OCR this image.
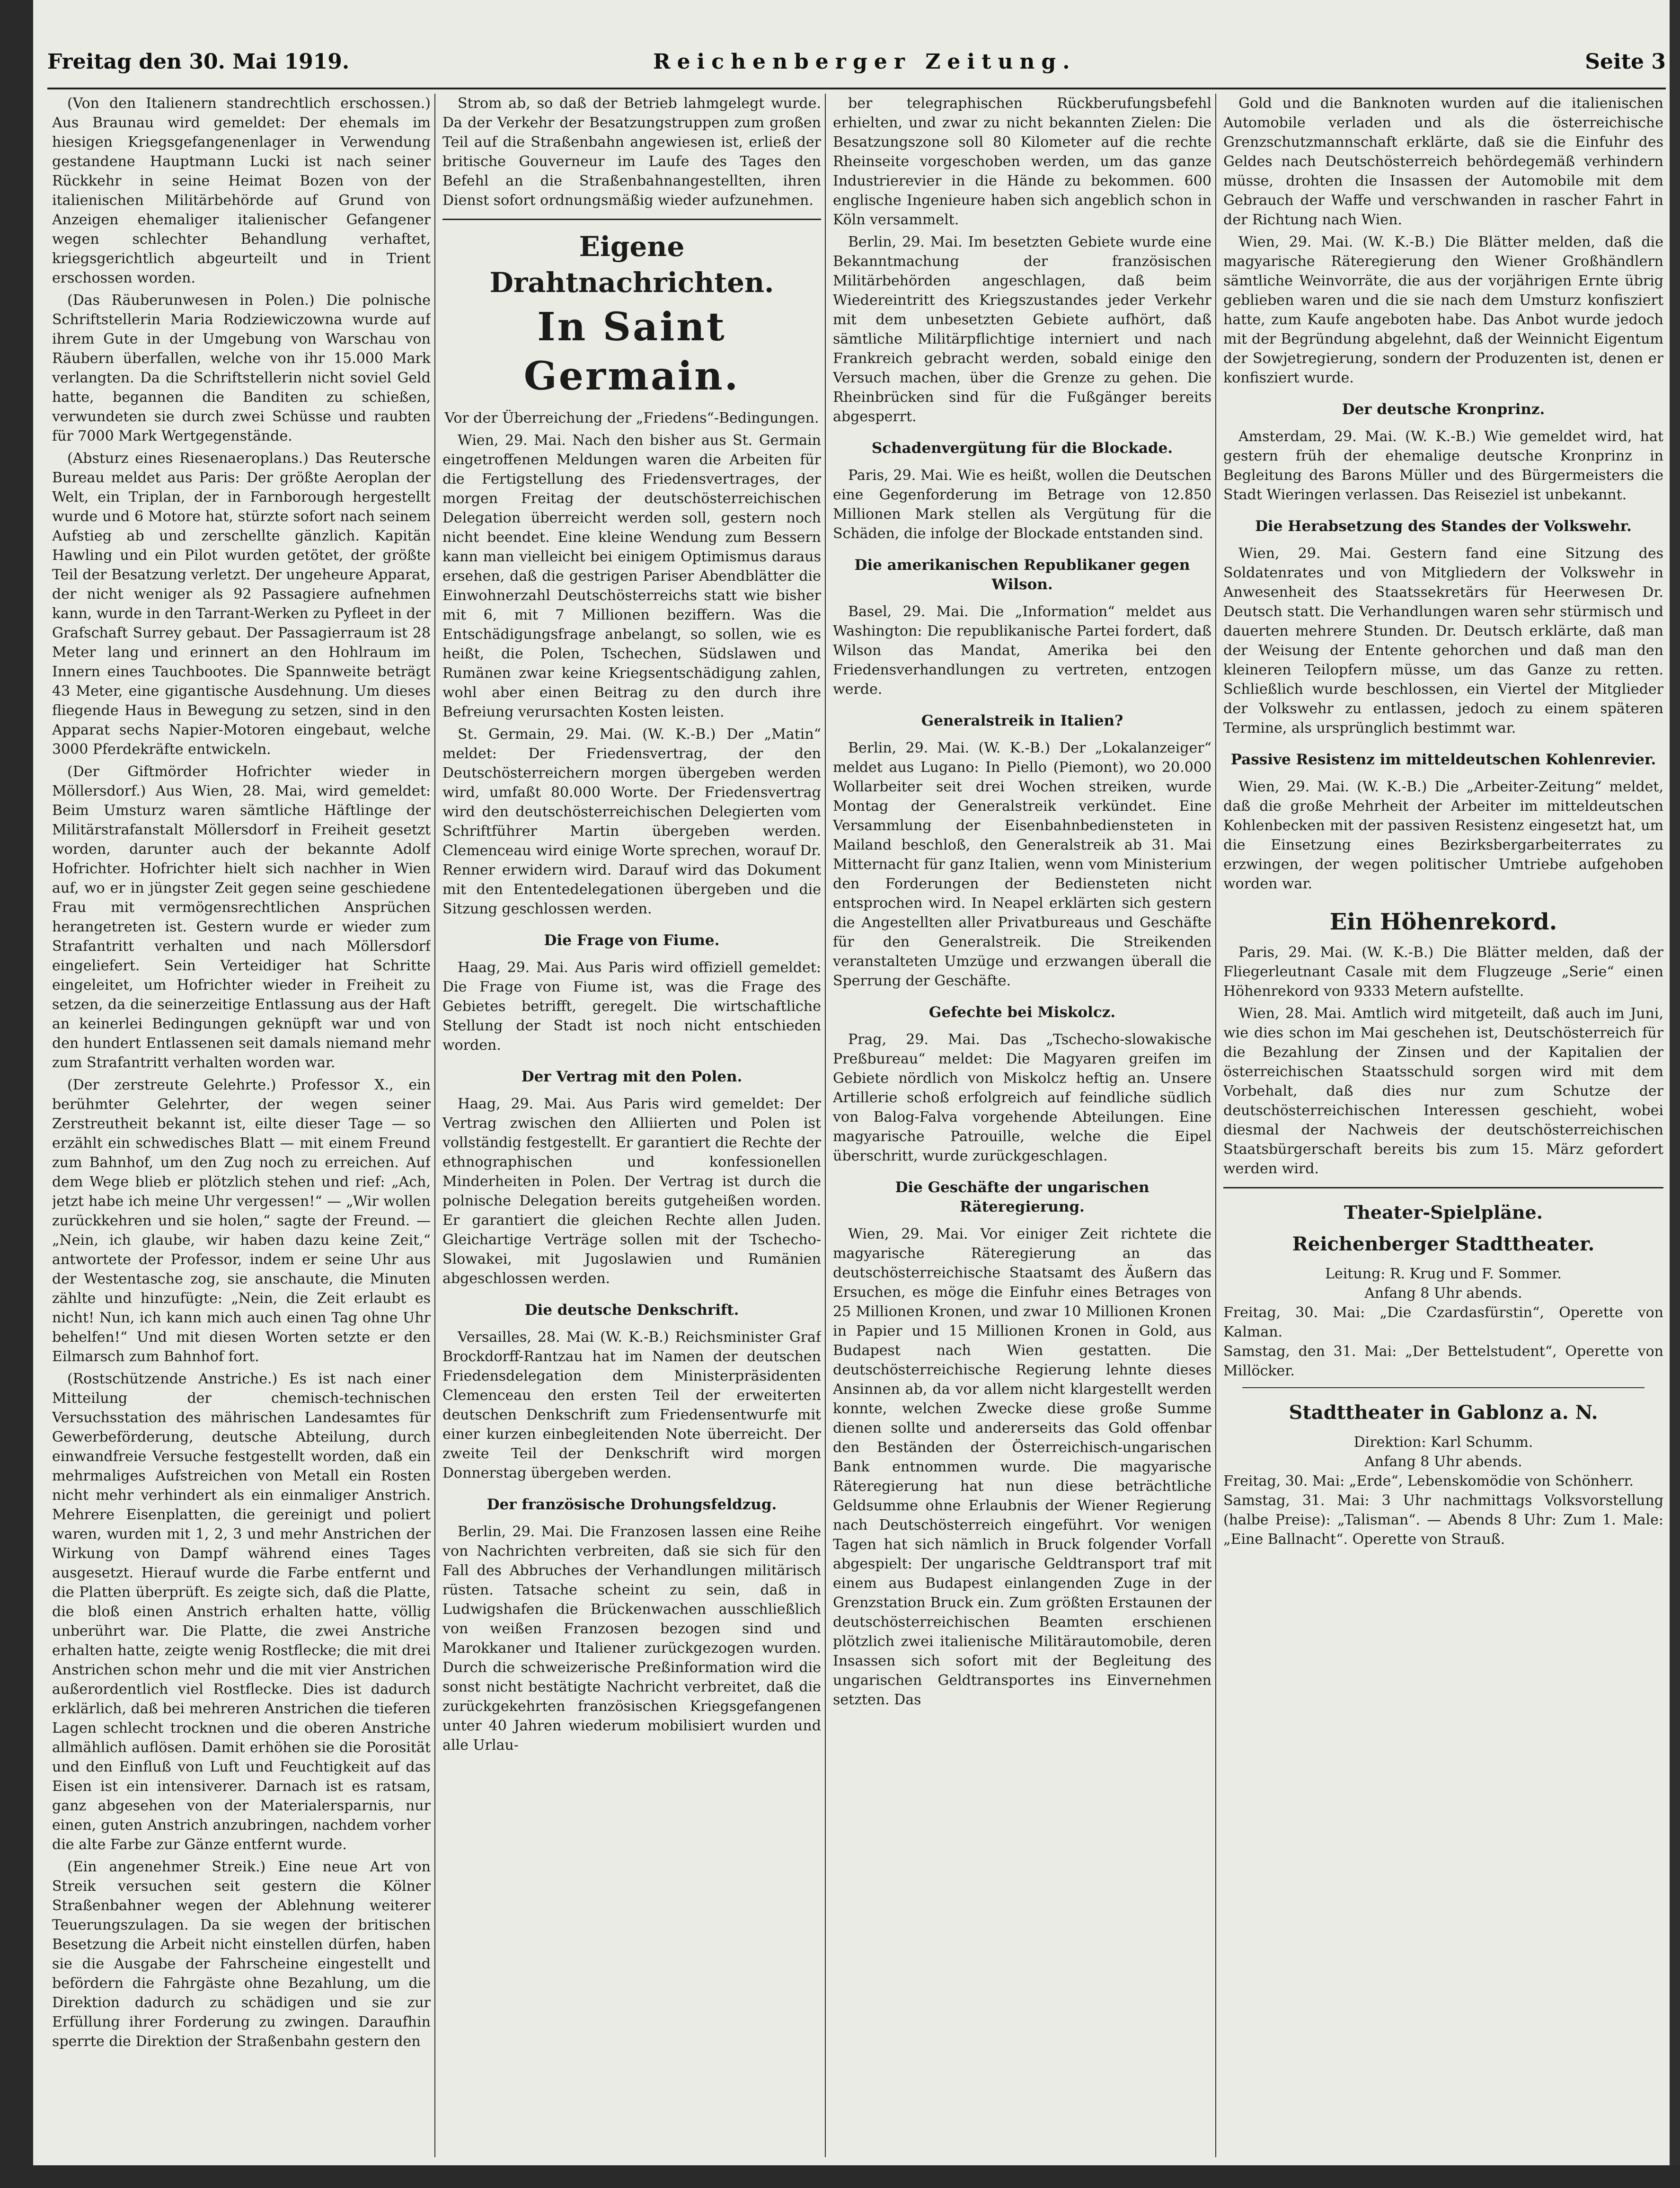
Freitag den 30. Mai 1919.	Reichenberger Zeitung.	Seite 3

(Von den Italienern standrechtlich erschossen.) Aus Braunau wird gemeldet: Der ehemals im hiesigen Kriegsgefangenenlager in Verwendung gestandene Hauptmann Lucki ist nach seiner Rückkehr in seine Heimat Bozen von der italienischen Militärbehörde auf Grund von Anzeigen ehemaliger italienischer Gefangener wegen schlechter Behandlung verhaftet, kriegsgerichtlich abgeurteilt und in Trient erschossen worden.

(Das Räuberunwesen in Polen.) Die polnische Schriftstellerin Maria Rodziewiczowna wurde auf ihrem Gute in der Umgebung von Warschau von Räubern überfallen, welche von ihr 15.000 Mark verlangten. Da die Schriftstellerin nicht soviel Geld hatte, begannen die Banditen zu schießen, verwundeten sie durch zwei Schüsse und raubten für 7000 Mark Wertgegenstände.

(Absturz eines Riesenaeroplans.) Das Reutersche Bureau meldet aus Paris: Der größte Aeroplan der Welt, ein Triplan, der in Farnborough hergestellt wurde und 6 Motore hat, stürzte sofort nach seinem Aufstieg ab und zerschellte gänzlich. Kapitän Hawling und ein Pilot wurden getötet, der größte Teil der Besatzung verletzt. Der ungeheure Apparat, der nicht weniger als 92 Passagiere aufnehmen kann, wurde in den Tarrant-Werken zu Pyfleet in der Grafschaft Surrey gebaut. Der Passagierraum ist 28 Meter lang und erinnert an den Hohlraum im Innern eines Tauchbootes. Die Spannweite beträgt 43 Meter, eine gigantische Ausdehnung. Um dieses fliegende Haus in Bewegung zu setzen, sind in den Apparat sechs Napier-Motoren eingebaut, welche 3000 Pferdekräfte entwickeln.

(Der Giftmörder Hofrichter wieder in Möllersdorf.) Aus Wien, 28. Mai, wird gemeldet: Beim Umsturz waren sämtliche Häftlinge der Militärstrafanstalt Möllersdorf in Freiheit gesetzt worden, darunter auch der bekannte Adolf Hofrichter. Hofrichter hielt sich nachher in Wien auf, wo er in jüngster Zeit gegen seine geschiedene Frau mit vermögensrechtlichen Ansprüchen herangetreten ist. Gestern wurde er wieder zum Strafantritt verhalten und nach Möllersdorf eingeliefert. Sein Verteidiger hat Schritte eingeleitet, um Hofrichter wieder in Freiheit zu setzen, da die seinerzeitige Entlassung aus der Haft an keinerlei Bedingungen geknüpft war und von den hundert Entlassenen seit damals niemand mehr zum Strafantritt verhalten worden war.

(Der zerstreute Gelehrte.) Professor X., ein berühmter Gelehrter, der wegen seiner Zerstreutheit bekannt ist, eilte dieser Tage — so erzählt ein schwedisches Blatt — mit einem Freund zum Bahnhof, um den Zug noch zu erreichen. Auf dem Wege blieb er plötzlich stehen und rief: „Ach, jetzt habe ich meine Uhr vergessen!“ — „Wir wollen zurückkehren und sie holen,“ sagte der Freund. — „Nein, ich glaube, wir haben dazu keine Zeit,“ antwortete der Professor, indem er seine Uhr aus der Westentasche zog, sie anschaute, die Minuten zählte und hinzufügte: „Nein, die Zeit erlaubt es nicht! Nun, ich kann mich auch einen Tag ohne Uhr behelfen!“ Und mit diesen Worten setzte er den Eilmarsch zum Bahnhof fort.

(Rostschützende Anstriche.) Es ist nach einer Mitteilung der chemisch-technischen Versuchsstation des mährischen Landesamtes für Gewerbeförderung, deutsche Abteilung, durch einwandfreie Versuche festgestellt worden, daß ein mehrmaliges Aufstreichen von Metall ein Rosten nicht mehr verhindert als ein einmaliger Anstrich. Mehrere Eisenplatten, die gereinigt und poliert waren, wurden mit 1, 2, 3 und mehr Anstrichen der Wirkung von Dampf während eines Tages ausgesetzt. Hierauf wurde die Farbe entfernt und die Platten überprüft. Es zeigte sich, daß die Platte, die bloß einen Anstrich erhalten hatte, völlig unberührt war. Die Platte, die zwei Anstriche erhalten hatte, zeigte wenig Rostflecke; die mit drei Anstrichen schon mehr und die mit vier Anstrichen außerordentlich viel Rostflecke. Dies ist dadurch erklärlich, daß bei mehreren Anstrichen die tieferen Lagen schlecht trocknen und die oberen Anstriche allmählich auflösen. Damit erhöhen sie die Porosität und den Einfluß von Luft und Feuchtigkeit auf das Eisen ist ein intensiverer. Darnach ist es ratsam, ganz abgesehen von der Materialersparnis, nur einen, guten Anstrich anzubringen, nachdem vorher die alte Farbe zur Gänze entfernt wurde.

(Ein angenehmer Streik.) Eine neue Art von Streik versuchen seit gestern die Kölner Straßenbahner wegen der Ablehnung weiterer Teuerungszulagen. Da sie wegen der britischen Besetzung die Arbeit nicht einstellen dürfen, haben sie die Ausgabe der Fahrscheine eingestellt und befördern die Fahrgäste ohne Bezahlung, um die Direktion dadurch zu schädigen und sie zur Erfüllung ihrer Forderung zu zwingen. Daraufhin sperrte die Direktion der Straßenbahn gestern den

Strom ab, so daß der Betrieb lahmgelegt wurde. Da der Verkehr der Besatzungstruppen zum großen Teil auf die Straßenbahn angewiesen ist, erließ der britische Gouverneur im Laufe des Tages den Befehl an die Straßenbahnangestellten, ihren Dienst sofort ordnungsmäßig wieder aufzunehmen.

Eigene Drahtnachrichten.
In Saint Germain.

Vor der Überreichung der „Friedens“-Bedingungen.

Wien, 29. Mai. Nach den bisher aus St. Germain eingetroffenen Meldungen waren die Arbeiten für die Fertigstellung des Friedensvertrages, der morgen Freitag der deutschösterreichischen Delegation überreicht werden soll, gestern noch nicht beendet. Eine kleine Wendung zum Bessern kann man vielleicht bei einigem Optimismus daraus ersehen, daß die gestrigen Pariser Abendblätter die Einwohnerzahl Deutschösterreichs statt wie bisher mit 6, mit 7 Millionen beziffern. Was die Entschädigungsfrage anbelangt, so sollen, wie es heißt, die Polen, Tschechen, Südslawen und Rumänen zwar keine Kriegsentschädigung zahlen, wohl aber einen Beitrag zu den durch ihre Befreiung verursachten Kosten leisten.

St. Germain, 29. Mai. (W. K.-B.) Der „Matin“ meldet: Der Friedensvertrag, der den Deutschösterreichern morgen übergeben werden wird, umfaßt 80.000 Worte. Der Friedensvertrag wird den deutschösterreichischen Delegierten vom Schriftführer Martin übergeben werden. Clemenceau wird einige Worte sprechen, worauf Dr. Renner erwidern wird. Darauf wird das Dokument mit den Ententedelegationen übergeben und die Sitzung geschlossen werden.

Die Frage von Fiume.

Haag, 29. Mai. Aus Paris wird offiziell gemeldet: Die Frage von Fiume ist, was die Frage des Gebietes betrifft, geregelt. Die wirtschaftliche Stellung der Stadt ist noch nicht entschieden worden.

Der Vertrag mit den Polen.

Haag, 29. Mai. Aus Paris wird gemeldet: Der Vertrag zwischen den Alliierten und Polen ist vollständig festgestellt. Er garantiert die Rechte der ethnographischen und konfessionellen Minderheiten in Polen. Der Vertrag ist durch die polnische Delegation bereits gutgeheißen worden. Er garantiert die gleichen Rechte allen Juden. Gleichartige Verträge sollen mit der Tschecho-Slowakei, mit Jugoslawien und Rumänien abgeschlossen werden.

Die deutsche Denkschrift.

Versailles, 28. Mai (W. K.-B.) Reichsminister Graf Brockdorff-Rantzau hat im Namen der deutschen Friedensdelegation dem Ministerpräsidenten Clemenceau den ersten Teil der erweiterten deutschen Denkschrift zum Friedensentwurfe mit einer kurzen einbegleitenden Note überreicht. Der zweite Teil der Denkschrift wird morgen Donnerstag übergeben werden.

Der französische Drohungsfeldzug.

Berlin, 29. Mai. Die Franzosen lassen eine Reihe von Nachrichten verbreiten, daß sie sich für den Fall des Abbruches der Verhandlungen militärisch rüsten. Tatsache scheint zu sein, daß in Ludwigshafen die Brückenwachen ausschließlich von weißen Franzosen bezogen sind und Marokkaner und Italiener zurückgezogen wurden. Durch die schweizerische Preßinformation wird die sonst nicht bestätigte Nachricht verbreitet, daß die zurückgekehrten französischen Kriegsgefangenen unter 40 Jahren wiederum mobilisiert wurden und alle Urlau-

ber telegraphischen Rückberufungsbefehl erhielten, und zwar zu nicht bekannten Zielen: Die Besatzungszone soll 80 Kilometer auf die rechte Rheinseite vorgeschoben werden, um das ganze Industrierevier in die Hände zu bekommen. 600 englische Ingenieure haben sich angeblich schon in Köln versammelt.

Berlin, 29. Mai. Im besetzten Gebiete wurde eine Bekanntmachung der französischen Militärbehörden angeschlagen, daß beim Wiedereintritt des Kriegszustandes jeder Verkehr mit dem unbesetzten Gebiete aufhört, daß sämtliche Militärpflichtige interniert und nach Frankreich gebracht werden, sobald einige den Versuch machen, über die Grenze zu gehen. Die Rheinbrücken sind für die Fußgänger bereits abgesperrt.

Schadenvergütung für die Blockade.

Paris, 29. Mai. Wie es heißt, wollen die Deutschen eine Gegenforderung im Betrage von 12.850 Millionen Mark stellen als Vergütung für die Schäden, die infolge der Blockade entstanden sind.

Die amerikanischen Republikaner gegen Wilson.

Basel, 29. Mai. Die „Information“ meldet aus Washington: Die republikanische Partei fordert, daß Wilson das Mandat, Amerika bei den Friedensverhandlungen zu vertreten, entzogen werde.

Generalstreik in Italien?

Berlin, 29. Mai. (W. K.-B.) Der „Lokalanzeiger“ meldet aus Lugano: In Piello (Piemont), wo 20.000 Wollarbeiter seit drei Wochen streiken, wurde Montag der Generalstreik verkündet. Eine Versammlung der Eisenbahnbediensteten in Mailand beschloß, den Generalstreik ab 31. Mai Mitternacht für ganz Italien, wenn vom Ministerium den Forderungen der Bediensteten nicht entsprochen wird. In Neapel erklärten sich gestern die Angestellten aller Privatbureaus und Geschäfte für den Generalstreik. Die Streikenden veranstalteten Umzüge und erzwangen überall die Sperrung der Geschäfte.

Gefechte bei Miskolcz.

Prag, 29. Mai. Das „Tschecho-slowakische Preßbureau“ meldet: Die Magyaren greifen im Gebiete nördlich von Miskolcz heftig an. Unsere Artillerie schoß erfolgreich auf feindliche südlich von Balog-Falva vorgehende Abteilungen. Eine magyarische Patrouille, welche die Eipel überschritt, wurde zurückgeschlagen.

Die Geschäfte der ungarischen Räteregierung.

Wien, 29. Mai. Vor einiger Zeit richtete die magyarische Räteregierung an das deutschösterreichische Staatsamt des Äußern das Ersuchen, es möge die Einfuhr eines Betrages von 25 Millionen Kronen, und zwar 10 Millionen Kronen in Papier und 15 Millionen Kronen in Gold, aus Budapest nach Wien gestatten. Die deutschösterreichische Regierung lehnte dieses Ansinnen ab, da vor allem nicht klargestellt werden konnte, welchen Zwecke diese große Summe dienen sollte und andererseits das Gold offenbar den Beständen der Österreichisch-ungarischen Bank entnommen wurde. Die magyarische Räteregierung hat nun diese beträchtliche Geldsumme ohne Erlaubnis der Wiener Regierung nach Deutschösterreich eingeführt. Vor wenigen Tagen hat sich nämlich in Bruck folgender Vorfall abgespielt: Der ungarische Geldtransport traf mit einem aus Budapest einlangenden Zuge in der Grenzstation Bruck ein. Zum größten Erstaunen der deutschösterreichischen Beamten erschienen plötzlich zwei italienische Militärautomobile, deren Insassen sich sofort mit der Begleitung des ungarischen Geldtransportes ins Einvernehmen setzten. Das

Gold und die Banknoten wurden auf die italienischen Automobile verladen und als die österreichische Grenzschutzmannschaft erklärte, daß sie die Einfuhr des Geldes nach Deutschösterreich behördegemäß verhindern müsse, drohten die Insassen der Automobile mit dem Gebrauch der Waffe und verschwanden in rascher Fahrt in der Richtung nach Wien.

Wien, 29. Mai. (W. K.-B.) Die Blätter melden, daß die magyarische Räteregierung den Wiener Großhändlern sämtliche Weinvorräte, die aus der vorjährigen Ernte übrig geblieben waren und die sie nach dem Umsturz konfisziert hatte, zum Kaufe angeboten habe. Das Anbot wurde jedoch mit der Begründung abgelehnt, daß der Weinnicht Eigentum der Sowjetregierung, sondern der Produzenten ist, denen er konfisziert wurde.

Der deutsche Kronprinz.

Amsterdam, 29. Mai. (W. K.-B.) Wie gemeldet wird, hat gestern früh der ehemalige deutsche Kronprinz in Begleitung des Barons Müller und des Bürgermeisters die Stadt Wieringen verlassen. Das Reiseziel ist unbekannt.

Die Herabsetzung des Standes der Volkswehr.

Wien, 29. Mai. Gestern fand eine Sitzung des Soldatenrates und von Mitgliedern der Volkswehr in Anwesenheit des Staatssekretärs für Heerwesen Dr. Deutsch statt. Die Verhandlungen waren sehr stürmisch und dauerten mehrere Stunden. Dr. Deutsch erklärte, daß man der Weisung der Entente gehorchen und daß man den kleineren Teilopfern müsse, um das Ganze zu retten. Schließlich wurde beschlossen, ein Viertel der Mitglieder der Volkswehr zu entlassen, jedoch zu einem späteren Termine, als ursprünglich bestimmt war.

Passive Resistenz im mitteldeutschen Kohlenrevier.

Wien, 29. Mai. (W. K.-B.) Die „Arbeiter-Zeitung“ meldet, daß die große Mehrheit der Arbeiter im mitteldeutschen Kohlenbecken mit der passiven Resistenz eingesetzt hat, um die Einsetzung eines Bezirksbergarbeiterrates zu erzwingen, der wegen politischer Umtriebe aufgehoben worden war.

Ein Höhenrekord.

Paris, 29. Mai. (W. K.-B.) Die Blätter melden, daß der Fliegerleutnant Casale mit dem Flugzeuge „Serie“ einen Höhenrekord von 9333 Metern aufstellte.

Wien, 28. Mai. Amtlich wird mitgeteilt, daß auch im Juni, wie dies schon im Mai geschehen ist, Deutschösterreich für die Bezahlung der Zinsen und der Kapitalien der österreichischen Staatsschuld sorgen wird mit dem Vorbehalt, daß dies nur zum Schutze der deutschösterreichischen Interessen geschieht, wobei diesmal der Nachweis der deutschösterreichischen Staatsbürgerschaft bereits bis zum 15. März gefordert werden wird.

Theater-Spielpläne.
Reichenberger Stadttheater.

Leitung: R. Krug und F. Sommer.

Anfang 8 Uhr abends.

Freitag, 30. Mai: „Die Czardasfürstin“, Operette von Kalman.

Samstag, den 31. Mai: „Der Bettelstudent“, Operette von Millöcker.

Stadttheater in Gablonz a. N.

Direktion: Karl Schumm.

Anfang 8 Uhr abends.

Freitag, 30. Mai: „Erde“, Lebenskomödie von Schönherr.

Samstag, 31. Mai: 3 Uhr nachmittags Volksvorstellung (halbe Preise): „Talisman“. — Abends 8 Uhr: Zum 1. Male: „Eine Ballnacht“. Operette von Strauß.
